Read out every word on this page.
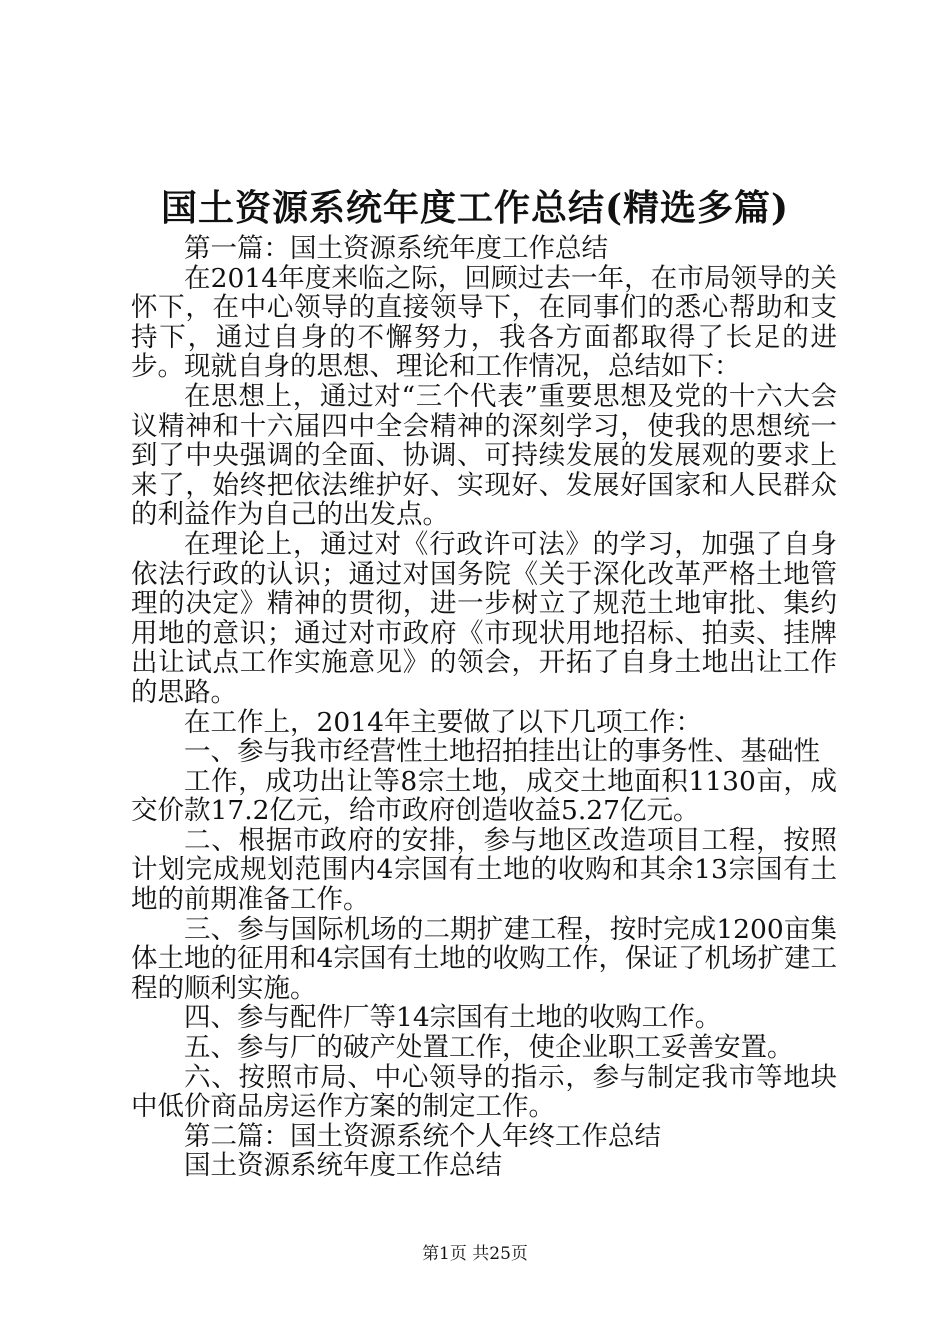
国土资源系统年度工作总结(精选多篇)

第一篇：国土资源系统年度工作总结

在2014年度来临之际，回顾过去一年，在市局领导的关怀下，在中心领导的直接领导下，在同事们的悉心帮助和支持下，通过自身的不懈努力，我各方面都取得了长足的进步。现就自身的思想、理论和工作情况，总结如下：

在思想上，通过对“三个代表”重要思想及党的十六大会议精神和十六届四中全会精神的深刻学习，使我的思想统一到了中央强调的全面、协调、可持续发展的发展观的要求上来了，始终把依法维护好、实现好、发展好国家和人民群众的利益作为自己的出发点。

在理论上，通过对《行政许可法》的学习，加强了自身依法行政的认识；通过对国务院《关于深化改革严格土地管理的决定》精神的贯彻，进一步树立了规范土地审批、集约用地的意识；通过对市政府《市现状用地招标、拍卖、挂牌出让试点工作实施意见》的领会，开拓了自身土地出让工作的思路。

在工作上，2014年主要做了以下几项工作：

一、参与我市经营性土地招拍挂出让的事务性、基础性

工作，成功出让等8宗土地，成交土地面积1130亩，成交价款17.2亿元，给市政府创造收益5.27亿元。

二、根据市政府的安排，参与地区改造项目工程，按照计划完成规划范围内4宗国有土地的收购和其余13宗国有土地的前期准备工作。

三、参与国际机场的二期扩建工程，按时完成1200亩集体土地的征用和4宗国有土地的收购工作，保证了机场扩建工程的顺利实施。

四、参与配件厂等14宗国有土地的收购工作。

五、参与厂的破产处置工作，使企业职工妥善安置。

六、按照市局、中心领导的指示，参与制定我市等地块中低价商品房运作方案的制定工作。

第二篇：国土资源系统个人年终工作总结

国土资源系统年度工作总结

第1页 共25页
